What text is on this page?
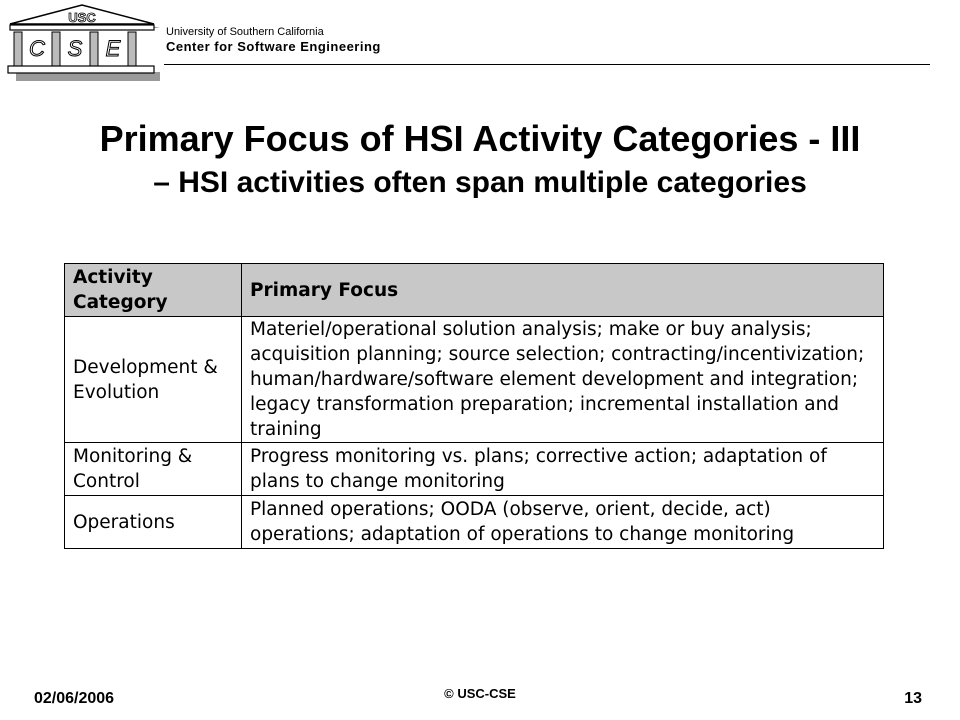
USC
C S E
University of Southern California
Center for Software Engineering
Primary Focus of HSI Activity Categories - III
– HSI activities often span multiple categories
Activity Category	Primary Focus
Development & Evolution	Materiel/operational solution analysis; make or buy analysis; acquisition planning; source selection; contracting/incentivization; human/hardware/software element development and integration; legacy transformation preparation; incremental installation and training
Monitoring & Control	Progress monitoring vs. plans; corrective action; adaptation of plans to change monitoring
Operations	Planned operations; OODA (observe, orient, decide, act) operations; adaptation of operations to change monitoring
02/06/2006	© USC-CSE	13
